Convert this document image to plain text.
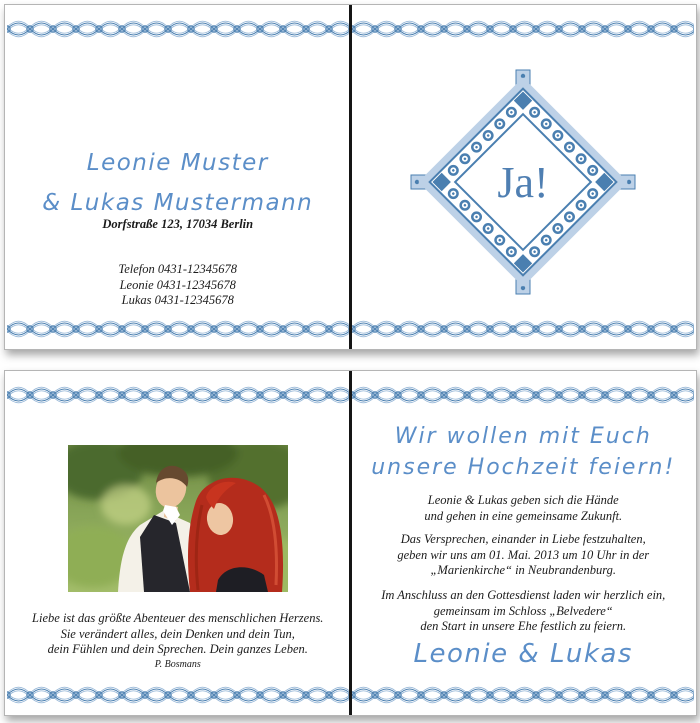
Leonie Muster
& Lukas Mustermann
Dorfstraße 123, 17034 Berlin
Telefon 0431-12345678
Leonie 0431-12345678
Lukas 0431-12345678
Ja!
Liebe ist das größte Abenteuer des menschlichen Herzens.
Sie verändert alles, dein Denken und dein Tun,
dein Fühlen und dein Sprechen. Dein ganzes Leben.
P. Bosmans
Wir wollen mit Euch
unsere Hochzeit feiern!
Leonie & Lukas geben sich die Hände
und gehen in eine gemeinsame Zukunft.
Das Versprechen, einander in Liebe festzuhalten,
geben wir uns am 01. Mai. 2013 um 10 Uhr in der
„Marienkirche“ in Neubrandenburg.
Im Anschluss an den Gottesdienst laden wir herzlich ein,
gemeinsam im Schloss „Belvedere“
den Start in unsere Ehe festlich zu feiern.
Leonie & Lukas
